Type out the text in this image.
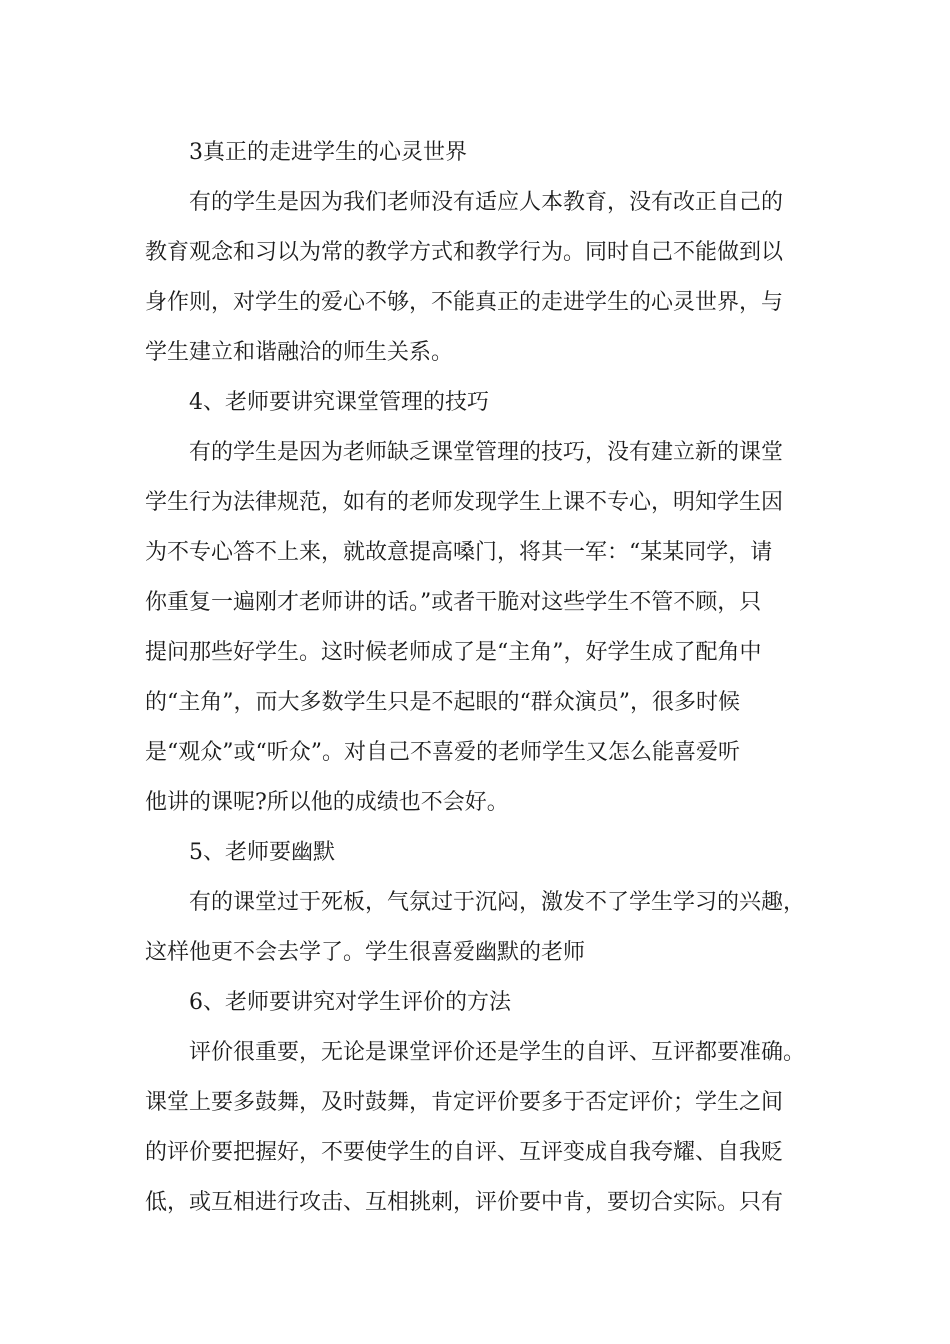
3真正的走进学生的心灵世界
有的学生是因为我们老师没有适应人本教育，没有改正自己的
教育观念和习以为常的教学方式和教学行为。同时自己不能做到以
身作则，对学生的爱心不够，不能真正的走进学生的心灵世界，与
学生建立和谐融洽的师生关系。
4、老师要讲究课堂管理的技巧
有的学生是因为老师缺乏课堂管理的技巧，没有建立新的课堂
学生行为法律规范，如有的老师发现学生上课不专心，明知学生因
为不专心答不上来，就故意提高嗓门，将其一军：“某某同学，请
你重复一遍刚才老师讲的话。”或者干脆对这些学生不管不顾，只
提问那些好学生。这时候老师成了是“主角”，好学生成了配角中
的“主角”，而大多数学生只是不起眼的“群众演员”，很多时候
是“观众”或“听众”。对自己不喜爱的老师学生又怎么能喜爱听
他讲的课呢?所以他的成绩也不会好。
5、老师要幽默
有的课堂过于死板，气氛过于沉闷，激发不了学生学习的兴趣，
这样他更不会去学了。学生很喜爱幽默的老师
6、老师要讲究对学生评价的方法
评价很重要，无论是课堂评价还是学生的自评、互评都要准确。
课堂上要多鼓舞，及时鼓舞，肯定评价要多于否定评价；学生之间
的评价要把握好，不要使学生的自评、互评变成自我夸耀、自我贬
低，或互相进行攻击、互相挑刺，评价要中肯，要切合实际。只有
